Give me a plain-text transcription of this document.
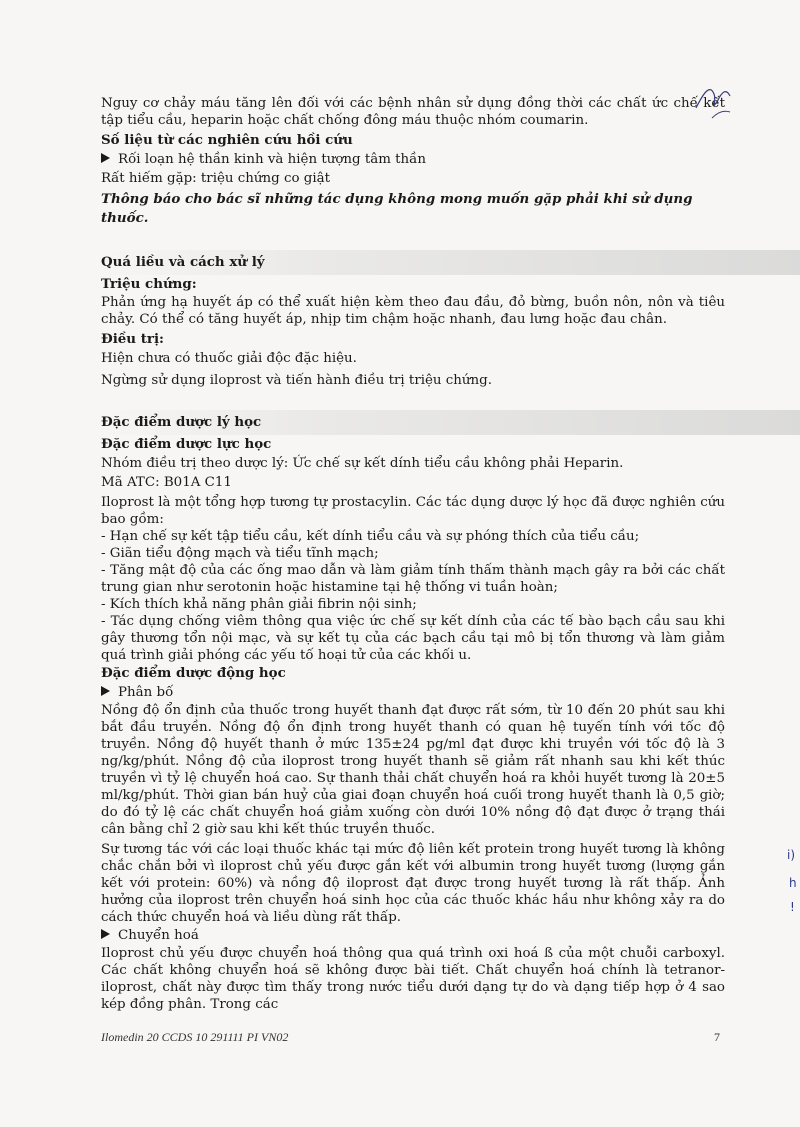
Nguy cơ chảy máu tăng lên đối với các bệnh nhân sử dụng đồng thời các chất ức chế kết tập tiểu cầu, heparin hoặc chất chống đông máu thuộc nhóm coumarin.

Số liệu từ các nghiên cứu hồi cứu

Rối loạn hệ thần kinh và hiện tượng tâm thần

Rất hiếm gặp: triệu chứng co giật

Thông báo cho bác sĩ những tác dụng không mong muốn gặp phải khi sử dụng thuốc.

Quá liều và cách xử lý

Triệu chứng:

Phản ứng hạ huyết áp có thể xuất hiện kèm theo đau đầu, đỏ bừng, buồn nôn, nôn và tiêu chảy. Có thể có tăng huyết áp, nhịp tim chậm hoặc nhanh, đau lưng hoặc đau chân.

Điều trị:

Hiện chưa có thuốc giải độc đặc hiệu.

Ngừng sử dụng iloprost và tiến hành điều trị triệu chứng.

Đặc điểm dược lý học

Đặc điểm dược lực học

Nhóm điều trị theo dược lý: Ức chế sự kết dính tiểu cầu không phải Heparin.

Mã ATC: B01A C11

Iloprost là một tổng hợp tương tự prostacylin. Các tác dụng dược lý học đã được nghiên cứu bao gồm:

- Hạn chế sự kết tập tiểu cầu, kết dính tiểu cầu và sự phóng thích của tiểu cầu;

- Giãn tiểu động mạch và tiểu tĩnh mạch;

- Tăng mật độ của các ống mao dẫn và làm giảm tính thấm thành mạch gây ra bởi các chất trung gian như serotonin hoặc histamine tại hệ thống vi tuần hoàn;

- Kích thích khả năng phân giải fibrin nội sinh;

- Tác dụng chống viêm thông qua việc ức chế sự kết dính của các tế bào bạch cầu sau khi gây thương tổn nội mạc, và sự kết tụ của các bạch cầu tại mô bị tổn thương và làm giảm quá trình giải phóng các yếu tố hoại tử của các khối u.

Đặc điểm dược động học

Phân bố

Nồng độ ổn định của thuốc trong huyết thanh đạt được rất sớm, từ 10 đến 20 phút sau khi bắt đầu truyền. Nồng độ ổn định trong huyết thanh có quan hệ tuyến tính với tốc độ truyền. Nồng độ huyết thanh ở mức 135±24 pg/ml đạt được khi truyền với tốc độ là 3 ng/kg/phút. Nồng độ của iloprost trong huyết thanh sẽ giảm rất nhanh sau khi kết thúc truyền vì tỷ lệ chuyển hoá cao. Sự thanh thải chất chuyển hoá ra khỏi huyết tương là 20±5 ml/kg/phút. Thời gian bán huỷ của giai đoạn chuyển hoá cuối trong huyết thanh là 0,5 giờ; do đó tỷ lệ các chất chuyển hoá giảm xuống còn dưới 10% nồng độ đạt được ở trạng thái cân bằng chỉ 2 giờ sau khi kết thúc truyền thuốc.

Sự tương tác với các loại thuốc khác tại mức độ liên kết protein trong huyết tương là không chắc chắn bởi vì iloprost chủ yếu được gắn kết với albumin trong huyết tương (lượng gắn kết với protein: 60%) và nồng độ iloprost đạt được trong huyết tương là rất thấp. Ảnh hưởng của iloprost trên chuyển hoá sinh học của các thuốc khác hầu như không xảy ra do cách thức chuyển hoá và liều dùng rất thấp.

Chuyển hoá

Iloprost chủ yếu được chuyển hoá thông qua quá trình oxi hoá ß của một chuỗi carboxyl. Các chất không chuyển hoá sẽ không được bài tiết. Chất chuyển hoá chính là tetranor-iloprost, chất này được tìm thấy trong nước tiểu dưới dạng tự do và dạng tiếp hợp ở 4 sao kép đồng phân. Trong các

Ilomedin 20 CCDS 10 291111 PI VN02	7
i)
h
!
